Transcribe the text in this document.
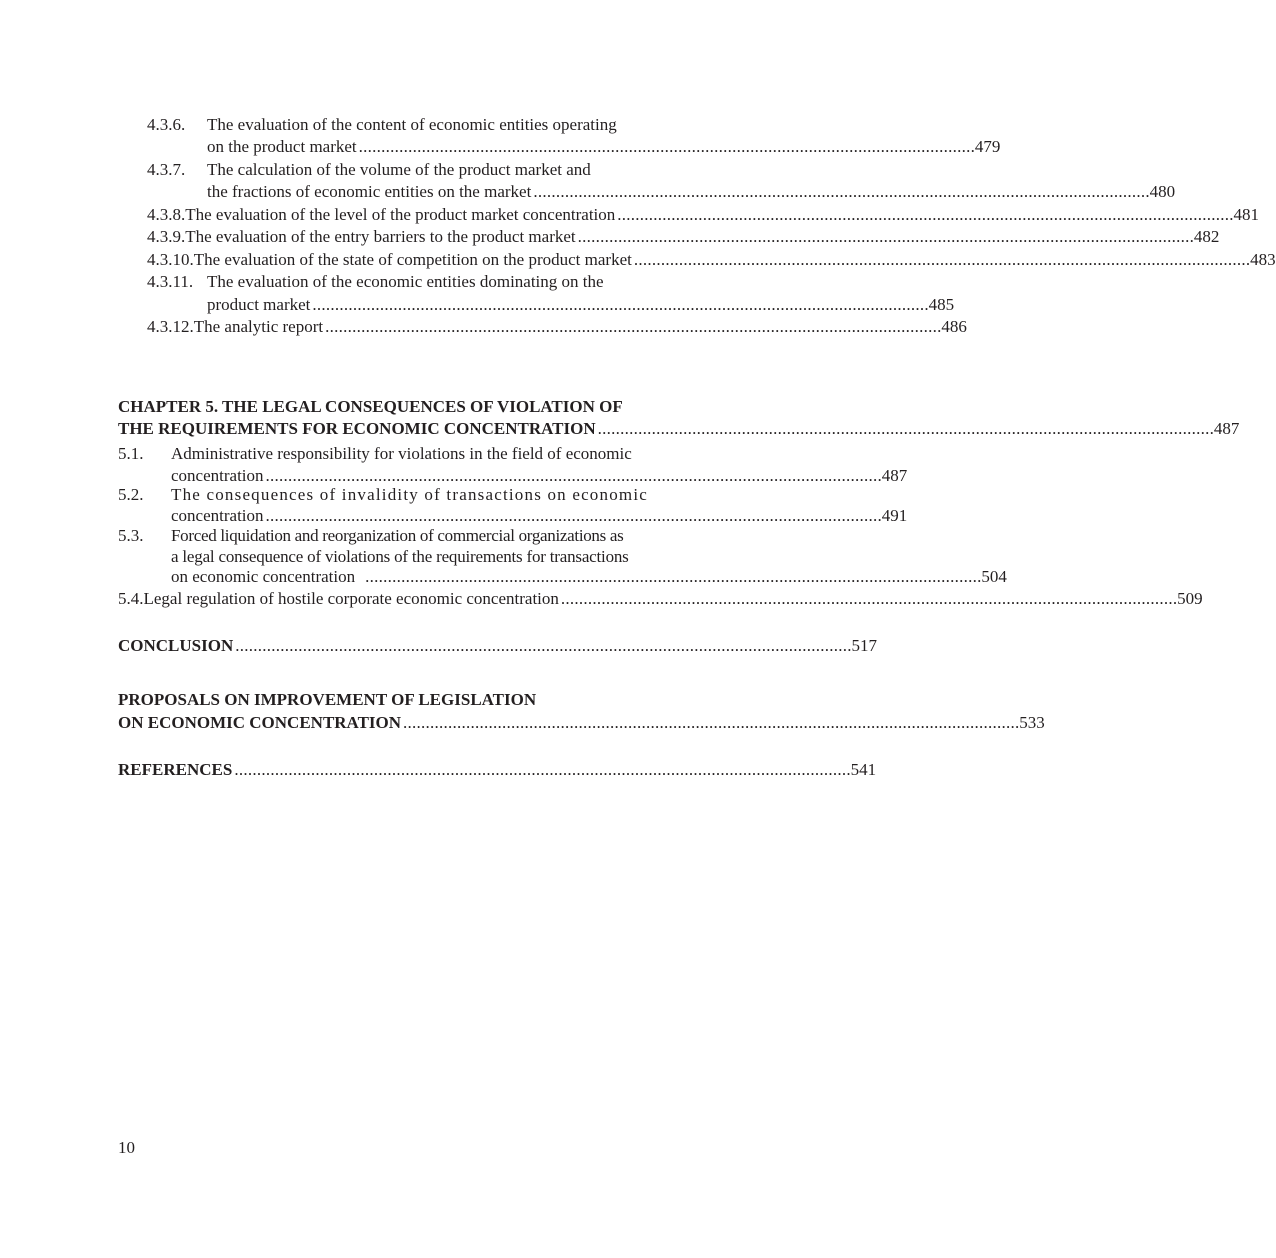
4.3.6.	The evaluation of the content of economic entities operating
on the product market . . .	479
4.3.7.	The calculation of the volume of the product market and
the fractions of economic entities on the market . . .	480
4.3.8. The evaluation of the level of the product market concentration . . .	481
4.3.9. The evaluation of the entry barriers to the product market . . .	482
4.3.10. The evaluation of the state of competition on the product market . . .	483
4.3.11. The evaluation of the economic entities dominating on the
product market . . .	485
4.3.12. The analytic report . . .	486
CHAPTER 5. THE LEGAL CONSEQUENCES OF VIOLATION OF
THE REQUIREMENTS FOR ECONOMIC CONCENTRATION . . .	487
5.1.	Administrative responsibility for violations in the field of economic
concentration . . .	487
5.2.	The consequences of invalidity of transactions on economic
concentration . . .	491
5.3.	Forced liquidation and reorganization of commercial organizations as
a legal consequence of violations of the requirements for transactions
on economic concentration . . .	504
5.4. Legal regulation of hostile corporate economic concentration . . .	509
CONCLUSION . . .	517
PROPOSALS ON IMPROVEMENT OF LEGISLATION
ON ECONOMIC CONCENTRATION . . .	533
REFERENCES . . .	541
10
